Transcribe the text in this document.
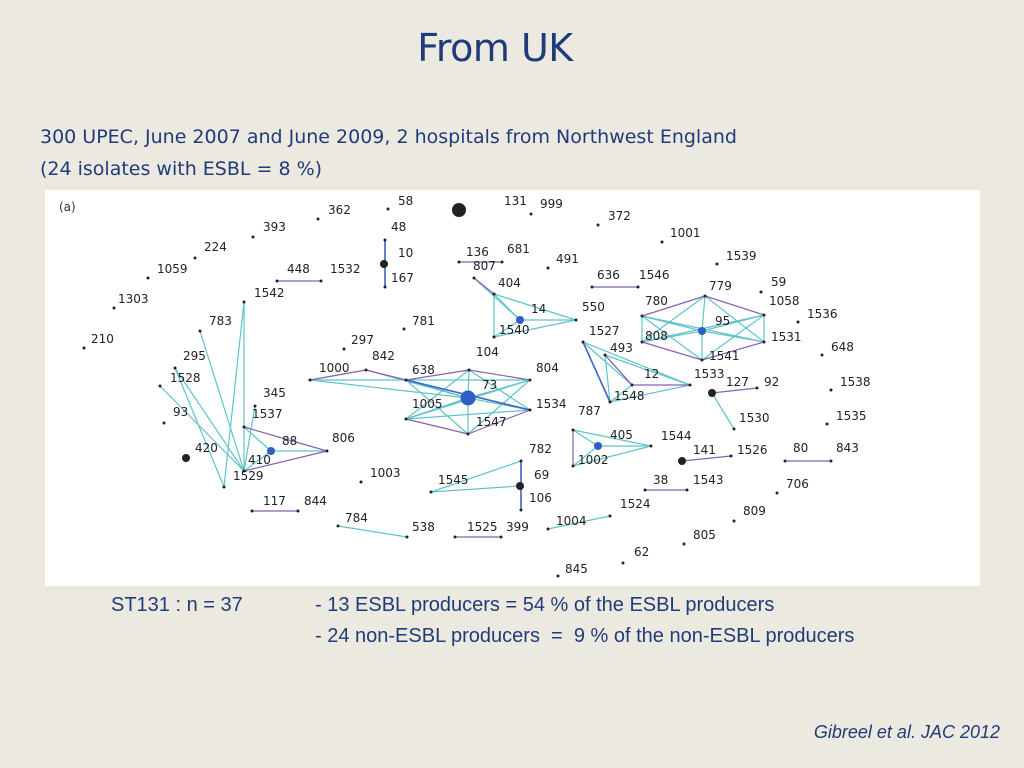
From UK
300 UPEC, June 2007 and June 2009, 2 hospitals from Northwest England
(24 isolates with ESBL = 8 %)
131
58
362
393
224
1059
1303
210
999
372
1001
1539
59
1536
648
1538
1535
48
10
167
136 681
491
636 1546
448 1532
1542
783	781
297
807
404
14	550
1540
780
779
1058
95
808	1531
1541
295
1528
93
345
1537
88	806
410
420
1529
1000
842	104
638	804
73
1005	1534
1547
1527
493
12	1533
1548
127 92
1530
787
405 1544
1002
141 1526 80 843
782
69
106
1545
1003	38 1543	706
117 844
784
538	1525 399 1004
1524	809
805
62
845
(a)
ST131 : n = 37	- 13 ESBL producers = 54 % of the ESBL producers
- 24 non-ESBL producers  =  9 % of the non-ESBL producers
Gibreel et al. JAC 2012
